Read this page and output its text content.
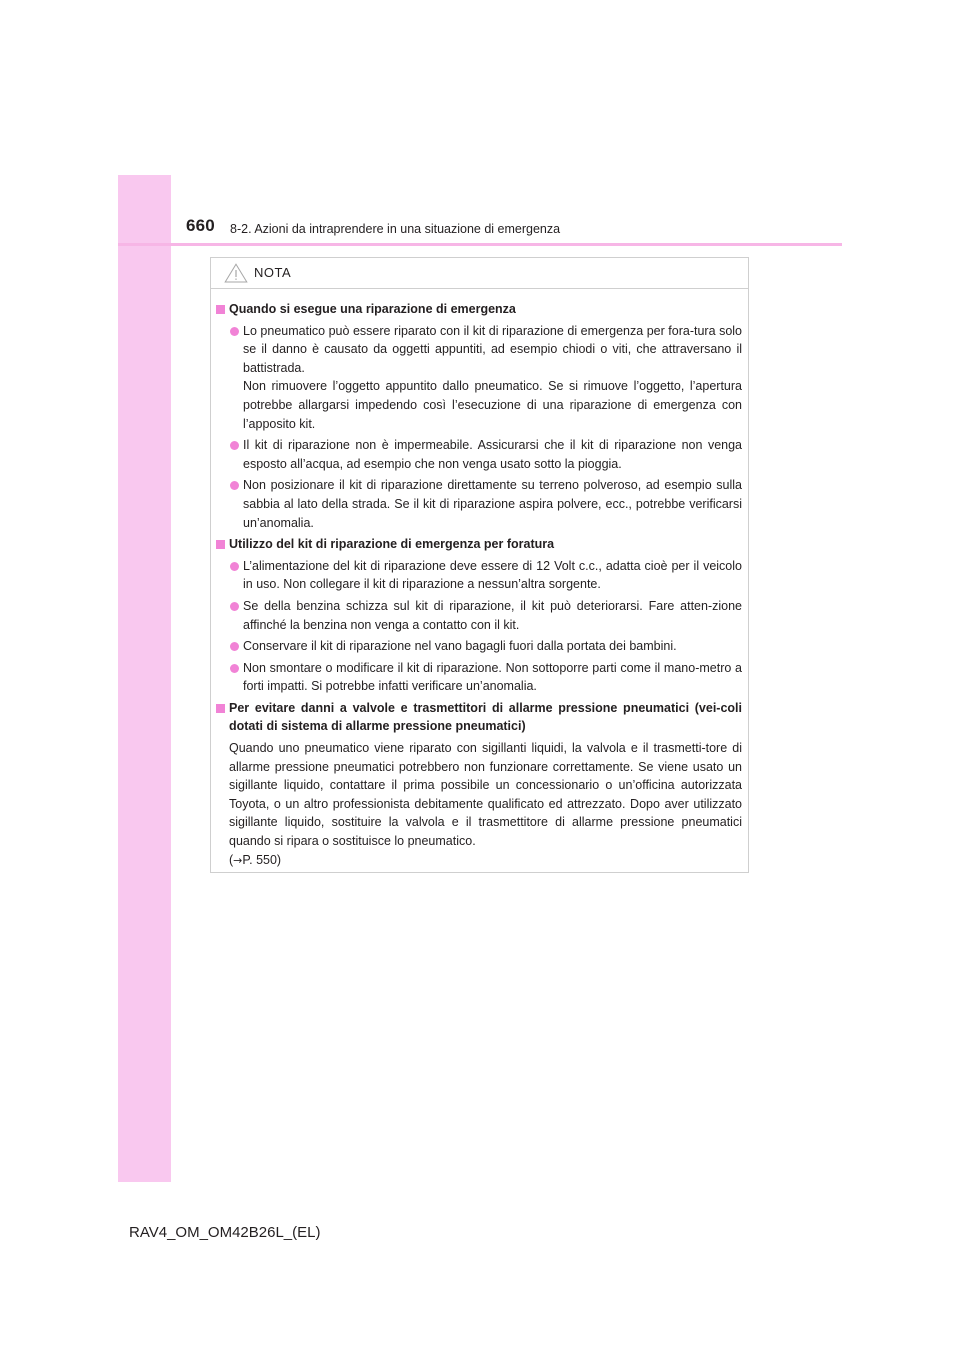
660 8-2. Azioni da intraprendere in una situazione di emergenza
NOTA
Quando si esegue una riparazione di emergenza
Lo pneumatico può essere riparato con il kit di riparazione di emergenza per fora-tura solo se il danno è causato da oggetti appuntiti, ad esempio chiodi o viti, che attraversano il battistrada.
Non rimuovere l’oggetto appuntito dallo pneumatico. Se si rimuove l’oggetto, l’apertura potrebbe allargarsi impedendo così l’esecuzione di una riparazione di emergenza con l’apposito kit.
Il kit di riparazione non è impermeabile. Assicurarsi che il kit di riparazione non venga esposto all’acqua, ad esempio che non venga usato sotto la pioggia.
Non posizionare il kit di riparazione direttamente su terreno polveroso, ad esempio sulla sabbia al lato della strada. Se il kit di riparazione aspira polvere, ecc., potrebbe verificarsi un’anomalia.
Utilizzo del kit di riparazione di emergenza per foratura
L’alimentazione del kit di riparazione deve essere di 12 Volt c.c., adatta cioè per il veicolo in uso. Non collegare il kit di riparazione a nessun’altra sorgente.
Se della benzina schizza sul kit di riparazione, il kit può deteriorarsi. Fare atten-zione affinché la benzina non venga a contatto con il kit.
Conservare il kit di riparazione nel vano bagagli fuori dalla portata dei bambini.
Non smontare o modificare il kit di riparazione. Non sottoporre parti come il mano-metro a forti impatti. Si potrebbe infatti verificare un’anomalia.
Per evitare danni a valvole e trasmettitori di allarme pressione pneumatici (vei-coli dotati di sistema di allarme pressione pneumatici)
Quando uno pneumatico viene riparato con sigillanti liquidi, la valvola e il trasmetti-tore di allarme pressione pneumatici potrebbero non funzionare correttamente. Se viene usato un sigillante liquido, contattare il prima possibile un concessionario o un’officina autorizzata Toyota, o un altro professionista debitamente qualificato ed attrezzato. Dopo aver utilizzato sigillante liquido, sostituire la valvola e il trasmettitore di allarme pressione pneumatici quando si ripara o sostituisce lo pneumatico.
(→P. 550)
RAV4_OM_OM42B26L_(EL)
